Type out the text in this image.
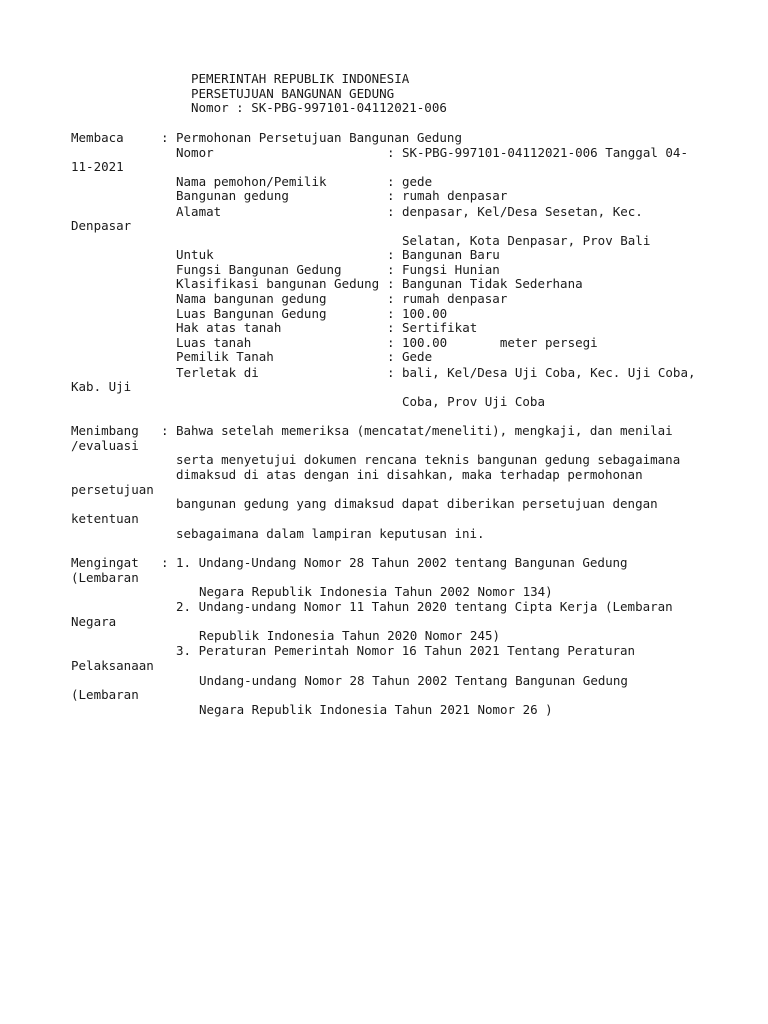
PEMERINTAH REPUBLIK INDONESIA
PERSETUJUAN BANGUNAN GEDUNG
Nomor : SK-PBG-997101-04112021-006
Membaca	: Permohonan Persetujuan Bangunan Gedung
Nomor	: SK-PBG-997101-04112021-006 Tanggal 04-
11-2021
Nama pemohon/Pemilik	: gede
Bangunan gedung	: rumah denpasar
Alamat	: denpasar, Kel/Desa Sesetan, Kec.
Denpasar
Selatan, Kota Denpasar, Prov Bali
Untuk	: Bangunan Baru
Fungsi Bangunan Gedung	: Fungsi Hunian
Klasifikasi bangunan Gedung : Bangunan Tidak Sederhana
Nama bangunan gedung	: rumah denpasar
Luas Bangunan Gedung	: 100.00
Hak atas tanah	: Sertifikat
Luas tanah	: 100.00       meter persegi
Pemilik Tanah	: Gede
Terletak di	: bali, Kel/Desa Uji Coba, Kec. Uji Coba,
Kab. Uji
Coba, Prov Uji Coba
Menimbang : Bahwa setelah memeriksa (mencatat/meneliti), mengkaji, dan menilai
/evaluasi
serta menyetujui dokumen rencana teknis bangunan gedung sebagaimana
dimaksud di atas dengan ini disahkan, maka terhadap permohonan
persetujuan
bangunan gedung yang dimaksud dapat diberikan persetujuan dengan
ketentuan
sebagaimana dalam lampiran keputusan ini.
Mengingat : 1. Undang-Undang Nomor 28 Tahun 2002 tentang Bangunan Gedung
(Lembaran
Negara Republik Indonesia Tahun 2002 Nomor 134)
2. Undang-undang Nomor 11 Tahun 2020 tentang Cipta Kerja (Lembaran
Negara
Republik Indonesia Tahun 2020 Nomor 245)
3. Peraturan Pemerintah Nomor 16 Tahun 2021 Tentang Peraturan
Pelaksanaan
Undang-undang Nomor 28 Tahun 2002 Tentang Bangunan Gedung
(Lembaran
Negara Republik Indonesia Tahun 2021 Nomor 26 )
